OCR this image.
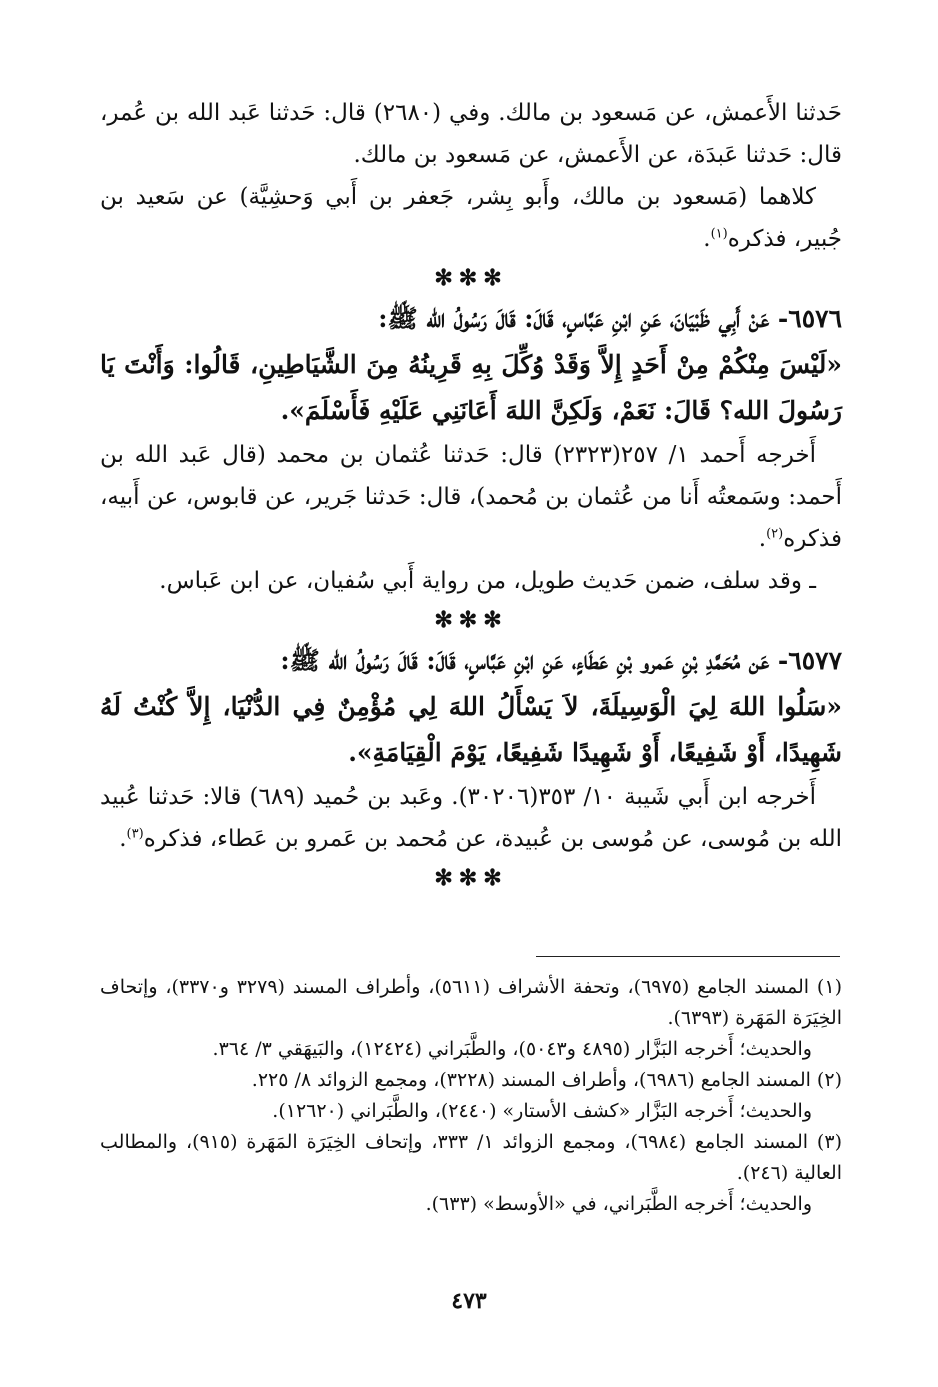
حَدثنا الأَعمش، عن مَسعود بن مالك. وفي (٢٦٨٠) قال: حَدثنا عَبد الله بن عُمر، قال: حَدثنا عَبدَة، عن الأَعمش، عن مَسعود بن مالك.

كلاهما (مَسعود بن مالك، وأَبو بِشر، جَعفر بن أَبي وَحشِيَّة) عن سَعيد بن جُبير، فذكره$^{(١)}$.

✻✻✻

٦٥٧٦- عَنْ أَبِي ظَبْيَانَ، عَنِ ابْنِ عَبَّاسٍ، قَالَ: قَالَ رَسُولُ الله ﷺ:

«لَيْسَ مِنْكُمْ مِنْ أَحَدٍ إِلاَّ وَقَدْ وُكِّلَ بِهِ قَرِينُهُ مِنَ الشَّيَاطِينِ، قَالُوا: وَأَنْتَ يَا رَسُولَ الله؟ قَالَ: نَعَمْ، وَلَكِنَّ اللهَ أَعَانَنِي عَلَيْهِ فَأَسْلَمَ».

أَخرجه أَحمد ١/ ٢٥٧(٢٣٢٣) قال: حَدثنا عُثمان بن محمد (قال عَبد الله بن أَحمد: وسَمعتُه أَنا من عُثمان بن مُحمد)، قال: حَدثنا جَرير، عن قابوس، عن أَبيه، فذكره$^{(٢)}$.

ـ وقد سلف، ضمن حَديث طويل، من رواية أَبي سُفيان، عن ابن عَباس.

✻✻✻

٦٥٧٧- عَن مُحَمَّدِ بْنِ عَمرو بْنِ عَطَاءٍ، عَنِ ابْنِ عَبَّاسٍ، قَالَ: قَالَ رَسُولُ الله ﷺ:

«سَلُوا اللهَ لِيَ الْوَسِيلَةَ، لاَ يَسْأَلُ اللهَ لِي مُؤْمِنٌ فِي الدُّنْيَا، إِلاَّ كُنْتُ لَهُ شَهِيدًا، أَوْ شَفِيعًا، أَوْ شَهِيدًا شَفِيعًا، يَوْمَ الْقِيَامَةِ».

أَخرجه ابن أَبي شَيبة ١٠/ ٣٥٣(٣٠٢٠٦). وعَبد بن حُميد (٦٨٩) قالا: حَدثنا عُبيد الله بن مُوسى، عن مُوسى بن عُبيدة، عن مُحمد بن عَمرو بن عَطاء، فذكره$^{(٣)}$.

✻✻✻

(١) المسند الجامع (٦٩٧٥)، وتحفة الأشراف (٥٦١١)، وأطراف المسند (٣٢٧٩ و٣٣٧٠)، وإتحاف الخِيَرَة المَهَرة (٦٣٩٣).

والحديث؛ أَخرجه البَزَّار (٤٨٩٥ و٥٠٤٣)، والطَّبَراني (١٢٤٢٤)، والبَيهَقي ٣/ ٣٦٤.

(٢) المسند الجامع (٦٩٨٦)، وأطراف المسند (٣٢٢٨)، ومجمع الزوائد ٨/ ٢٢٥.

والحديث؛ أَخرجه البَزَّار «كشف الأستار» (٢٤٤٠)، والطَّبَراني (١٢٦٢٠).

(٣) المسند الجامع (٦٩٨٤)، ومجمع الزوائد ١/ ٣٣٣، وإتحاف الخِيَرَة المَهَرة (٩١٥)، والمطالب العالية (٢٤٦).

والحديث؛ أَخرجه الطَّبَراني، في «الأوسط» (٦٣٣).

٤٧٣
